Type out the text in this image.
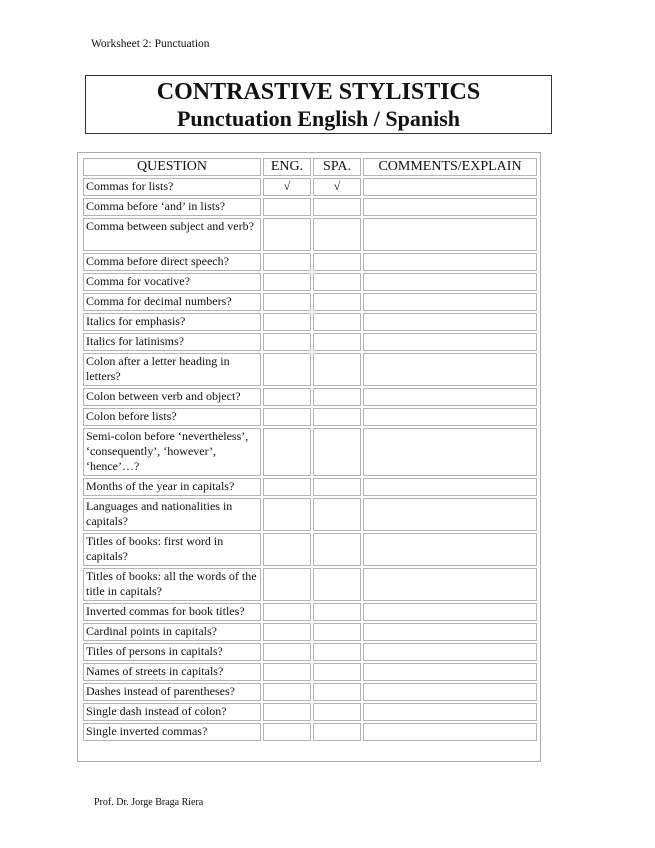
Worksheet 2: Punctuation
CONTRASTIVE STYLISTICS
Punctuation English / Spanish
QUESTION	ENG.	SPA.	COMMENTS/EXPLAIN
Commas for lists?	√	√	
Comma before ‘and’ in lists?			
Comma between subject and verb?			
Comma before direct speech?			
Comma for vocative?			
Comma for decimal numbers?			
Italics for emphasis?			
Italics for latinisms?			
Colon after a letter heading in letters?			
Colon between verb and object?			
Colon before lists?			
Semi-colon before ‘nevertheless’, ‘consequently’, ‘however’, ‘hence’…?			
Months of the year in capitals?			
Languages and nationalities in capitals?			
Titles of books: first word in capitals?			
Titles of books: all the words of the title in capitals?			
Inverted commas for book titles?			
Cardinal points in capitals?			
Titles of persons in capitals?			
Names of streets in capitals?			
Dashes instead of parentheses?			
Single dash instead of colon?			
Single inverted commas?			
Prof. Dr. Jorge Braga Riera
